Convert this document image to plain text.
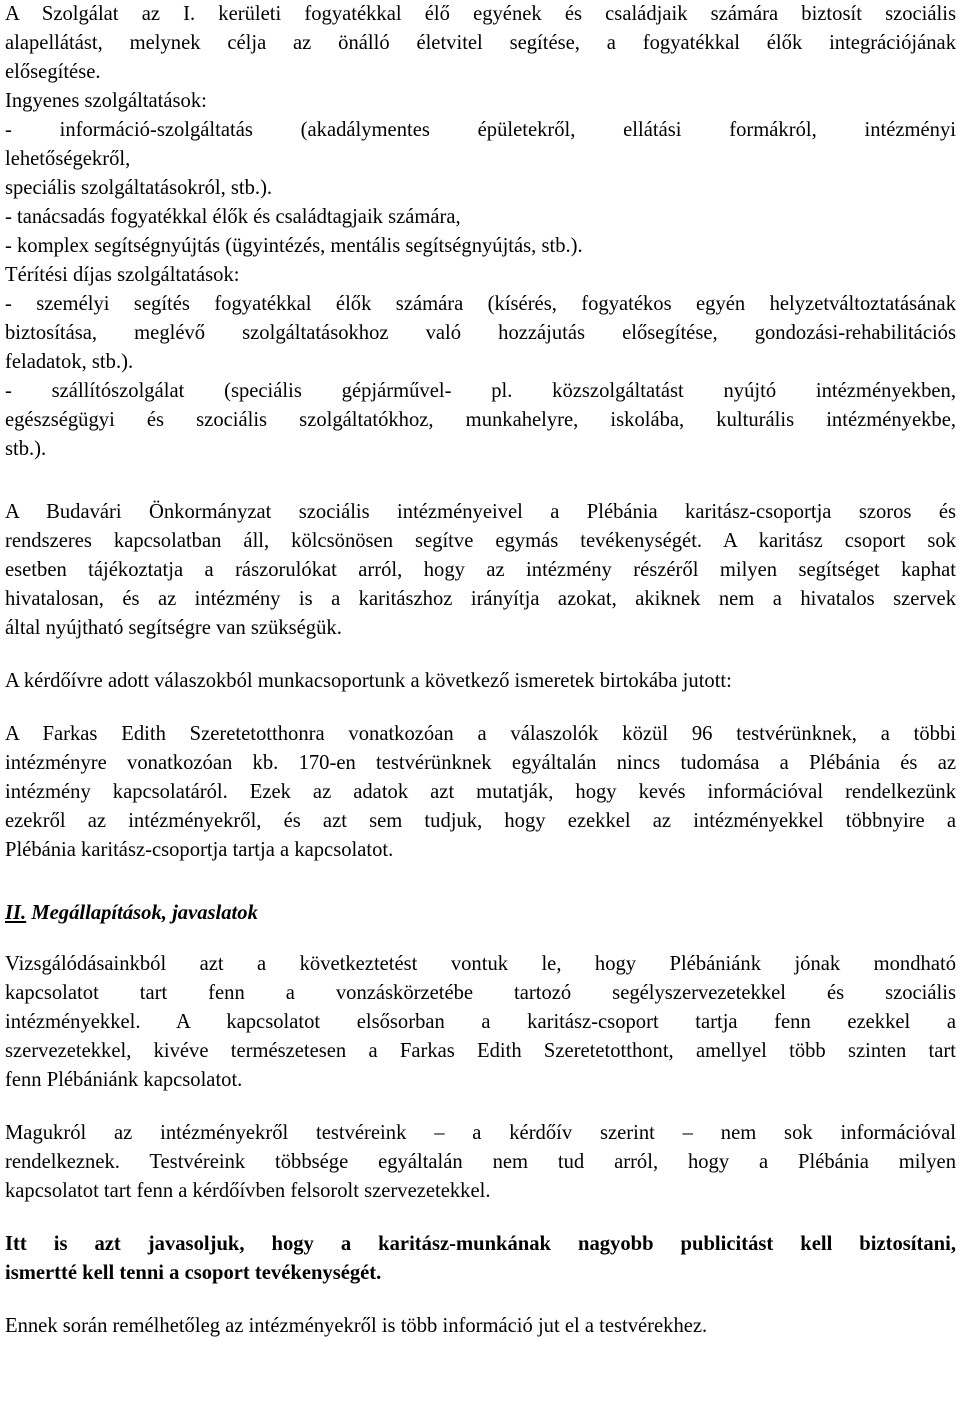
A Szolgálat az I. kerületi fogyatékkal élő egyének és családjaik számára biztosít szociális
alapellátást, melynek célja az önálló életvitel segítése, a fogyatékkal élők integrációjának
elősegítése.
Ingyenes szolgáltatások:
- információ-szolgáltatás (akadálymentes épületekről, ellátási formákról, intézményi
lehetőségekről,
speciális szolgáltatásokról, stb.).
- tanácsadás fogyatékkal élők és családtagjaik számára,
- komplex segítségnyújtás (ügyintézés, mentális segítségnyújtás, stb.).
Térítési díjas szolgáltatások:
- személyi segítés fogyatékkal élők számára (kísérés, fogyatékos egyén helyzetváltoztatásának
biztosítása, meglévő szolgáltatásokhoz való hozzájutás elősegítése, gondozási-rehabilitációs
feladatok, stb.).
- szállítószolgálat (speciális gépjárművel- pl. közszolgáltatást nyújtó intézményekben,
egészségügyi és szociális szolgáltatókhoz, munkahelyre, iskolába, kulturális intézményekbe,
stb.).
A Budavári Önkormányzat szociális intézményeivel a Plébánia karitász-csoportja szoros és
rendszeres kapcsolatban áll, kölcsönösen segítve egymás tevékenységét. A karitász csoport sok
esetben tájékoztatja a rászorulókat arról, hogy az intézmény részéről milyen segítséget kaphat
hivatalosan, és az intézmény is a karitászhoz irányítja azokat, akiknek nem a hivatalos szervek
által nyújtható segítségre van szükségük.
A kérdőívre adott válaszokból munkacsoportunk a következő ismeretek birtokába jutott:
A Farkas Edith Szeretetotthonra vonatkozóan a válaszolók közül 96 testvérünknek, a többi
intézményre vonatkozóan kb. 170-en testvérünknek egyáltalán nincs tudomása a Plébánia és az
intézmény kapcsolatáról. Ezek az adatok azt mutatják, hogy kevés információval rendelkezünk
ezekről az intézményekről, és azt sem tudjuk, hogy ezekkel az intézményekkel többnyire a
Plébánia karitász-csoportja tartja a kapcsolatot.
II. Megállapítások, javaslatok
Vizsgálódásainkból azt a következtetést vontuk le, hogy Plébániánk jónak mondható
kapcsolatot tart fenn a vonzáskörzetébe tartozó segélyszervezetekkel és szociális
intézményekkel. A kapcsolatot elsősorban a karitász-csoport tartja fenn ezekkel a
szervezetekkel, kivéve természetesen a Farkas Edith Szeretetotthont, amellyel több szinten tart
fenn Plébániánk kapcsolatot.
Magukról az intézményekről testvéreink – a kérdőív szerint – nem sok információval
rendelkeznek. Testvéreink többsége egyáltalán nem tud arról, hogy a Plébánia milyen
kapcsolatot tart fenn a kérdőívben felsorolt szervezetekkel.
Itt is azt javasoljuk, hogy a karitász-munkának nagyobb publicitást kell biztosítani,
ismertté kell tenni a csoport tevékenységét.
Ennek során remélhetőleg az intézményekről is több információ jut el a testvérekhez.
